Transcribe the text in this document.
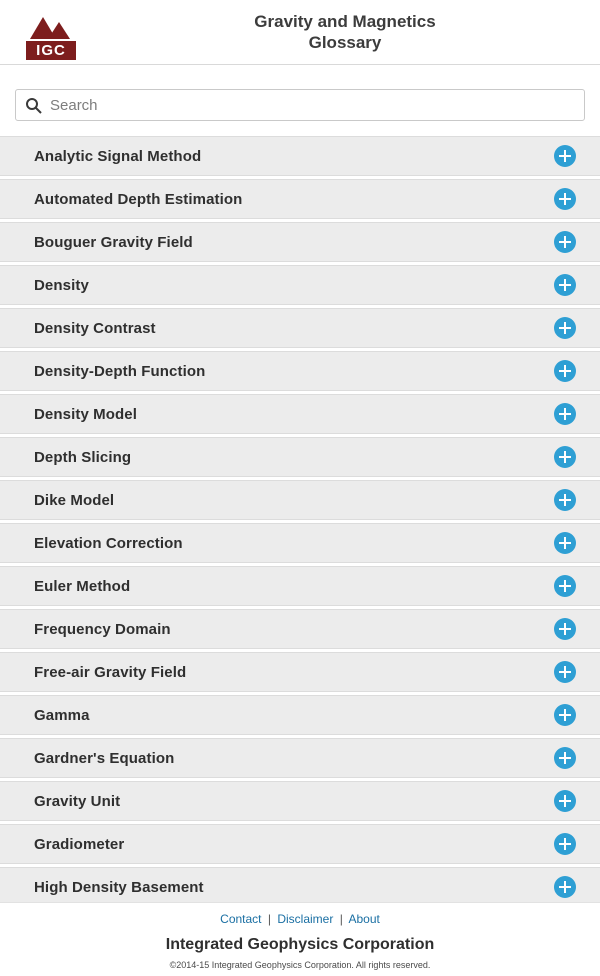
IGC
Gravity and Magnetics
Glossary
Search
Analytic Signal Method
Automated Depth Estimation
Bouguer Gravity Field
Density
Density Contrast
Density-Depth Function
Density Model
Depth Slicing
Dike Model
Elevation Correction
Euler Method
Frequency Domain
Free-air Gravity Field
Gamma
Gardner's Equation
Gravity Unit
Gradiometer
High Density Basement
Contact | Disclaimer | About
Integrated Geophysics Corporation
©2014-15 Integrated Geophysics Corporation. All rights reserved.
